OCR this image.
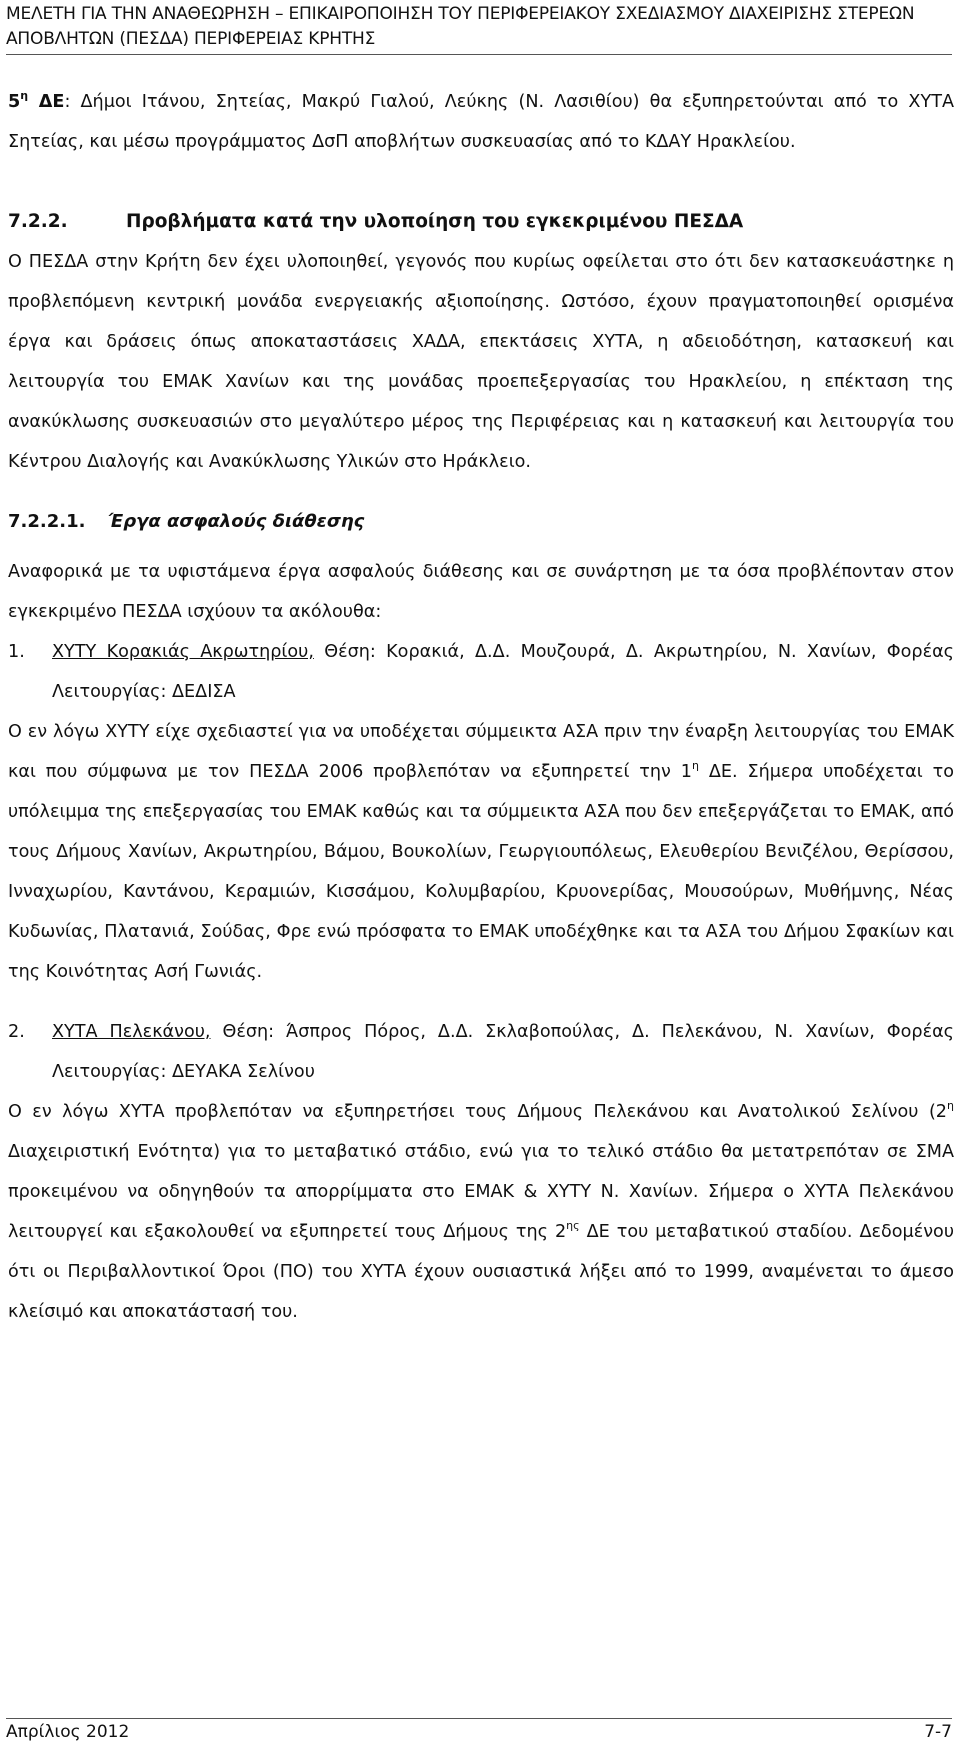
ΜΕΛΕΤΗ ΓΙΑ ΤΗΝ ΑΝΑΘΕΩΡΗΣΗ – ΕΠΙΚΑΙΡΟΠΟΙΗΣΗ ΤΟΥ ΠΕΡΙΦΕΡΕΙΑΚΟΥ ΣΧΕΔΙΑΣΜΟΥ ΔΙΑΧΕΙΡΙΣΗΣ ΣΤΕΡΕΩΝ
ΑΠΟΒΛΗΤΩΝ (ΠΕΣΔΑ) ΠΕΡΙΦΕΡΕΙΑΣ ΚΡΗΤΗΣ

$5^\eta$ ΔΕ: Δήμοι Ιτάνου, Σητείας, Μακρύ Γιαλού, Λεύκης (Ν. Λασιθίου) θα εξυπηρετούνται από το ΧΥΤΑ Σητείας, και μέσω προγράμματος ΔσΠ αποβλήτων συσκευασίας από το ΚΔΑΥ Ηρακλείου.

7.2.2.	Προβλήματα κατά την υλοποίηση του εγκεκριμένου ΠΕΣΔΑ

Ο ΠΕΣΔΑ στην Κρήτη δεν έχει υλοποιηθεί, γεγονός που κυρίως οφείλεται στο ότι δεν κατασκευάστηκε η προβλεπόμενη κεντρική μονάδα ενεργειακής αξιοποίησης. Ωστόσο, έχουν πραγματοποιηθεί ορισμένα έργα και δράσεις όπως αποκαταστάσεις ΧΑΔΑ, επεκτάσεις ΧΥΤΑ, η αδειοδότηση, κατασκευή και λειτουργία του ΕΜΑΚ Χανίων και της μονάδας προεπεξεργασίας του Ηρακλείου, η επέκταση της ανακύκλωσης συσκευασιών στο μεγαλύτερο μέρος της Περιφέρειας και η κατασκευή και λειτουργία του Κέντρου Διαλογής και Ανακύκλωσης Υλικών στο Ηράκλειο.

7.2.2.1.	Έργα ασφαλούς διάθεσης

Αναφορικά με τα υφιστάμενα έργα ασφαλούς διάθεσης και σε συνάρτηση με τα όσα προβλέπονταν στον εγκεκριμένο ΠΕΣΔΑ ισχύουν τα ακόλουθα:

1.	ΧΥΤΥ Κορακιάς Ακρωτηρίου, Θέση: Κορακιά, Δ.Δ. Μουζουρά, Δ. Ακρωτηρίου, Ν. Χανίων, Φορέας Λειτουργίας: ΔΕΔΙΣΑ

Ο εν λόγω ΧΥΤΥ είχε σχεδιαστεί για να υποδέχεται σύμμεικτα ΑΣΑ πριν την έναρξη λειτουργίας του ΕΜΑΚ και που σύμφωνα με τον ΠΕΣΔΑ 2006 προβλεπόταν να εξυπηρετεί την $1^\eta$ ΔΕ. Σήμερα υποδέχεται το υπόλειμμα της επεξεργασίας του ΕΜΑΚ καθώς και τα σύμμεικτα ΑΣΑ που δεν επεξεργάζεται το ΕΜΑΚ, από τους Δήμους Χανίων, Ακρωτηρίου, Βάμου, Βουκολίων, Γεωργιουπόλεως, Ελευθερίου Βενιζέλου, Θερίσσου, Ινναχωρίου, Καντάνου, Κεραμιών, Κισσάμου, Κολυμβαρίου, Κρυονερίδας, Μουσούρων, Μυθήμνης, Νέας Κυδωνίας, Πλατανιά, Σούδας, Φρε ενώ πρόσφατα το ΕΜΑΚ υποδέχθηκε και τα ΑΣΑ του Δήμου Σφακίων και της Κοινότητας Ασή Γωνιάς.

2.	ΧΥΤΑ Πελεκάνου, Θέση: Άσπρος Πόρος, Δ.Δ. Σκλαβοπούλας, Δ. Πελεκάνου, Ν. Χανίων, Φορέας Λειτουργίας: ΔΕΥΑΚΑ Σελίνου

Ο εν λόγω ΧΥΤΑ προβλεπόταν να εξυπηρετήσει τους Δήμους Πελεκάνου και Ανατολικού Σελίνου ($2^\eta$ Διαχειριστική Ενότητα) για το μεταβατικό στάδιο, ενώ για το τελικό στάδιο θα μετατρεπόταν σε ΣΜΑ προκειμένου να οδηγηθούν τα απορρίμματα στο ΕΜΑΚ & ΧΥΤΥ Ν. Χανίων. Σήμερα ο ΧΥΤΑ Πελεκάνου λειτουργεί και εξακολουθεί να εξυπηρετεί τους Δήμους της $2^{\eta\varsigma}$ ΔΕ του μεταβατικού σταδίου. Δεδομένου ότι οι Περιβαλλοντικοί Όροι (ΠΟ) του ΧΥΤΑ έχουν ουσιαστικά λήξει από το 1999, αναμένεται το άμεσο κλείσιμό και αποκατάστασή του.

Απρίλιος 2012	7-7
